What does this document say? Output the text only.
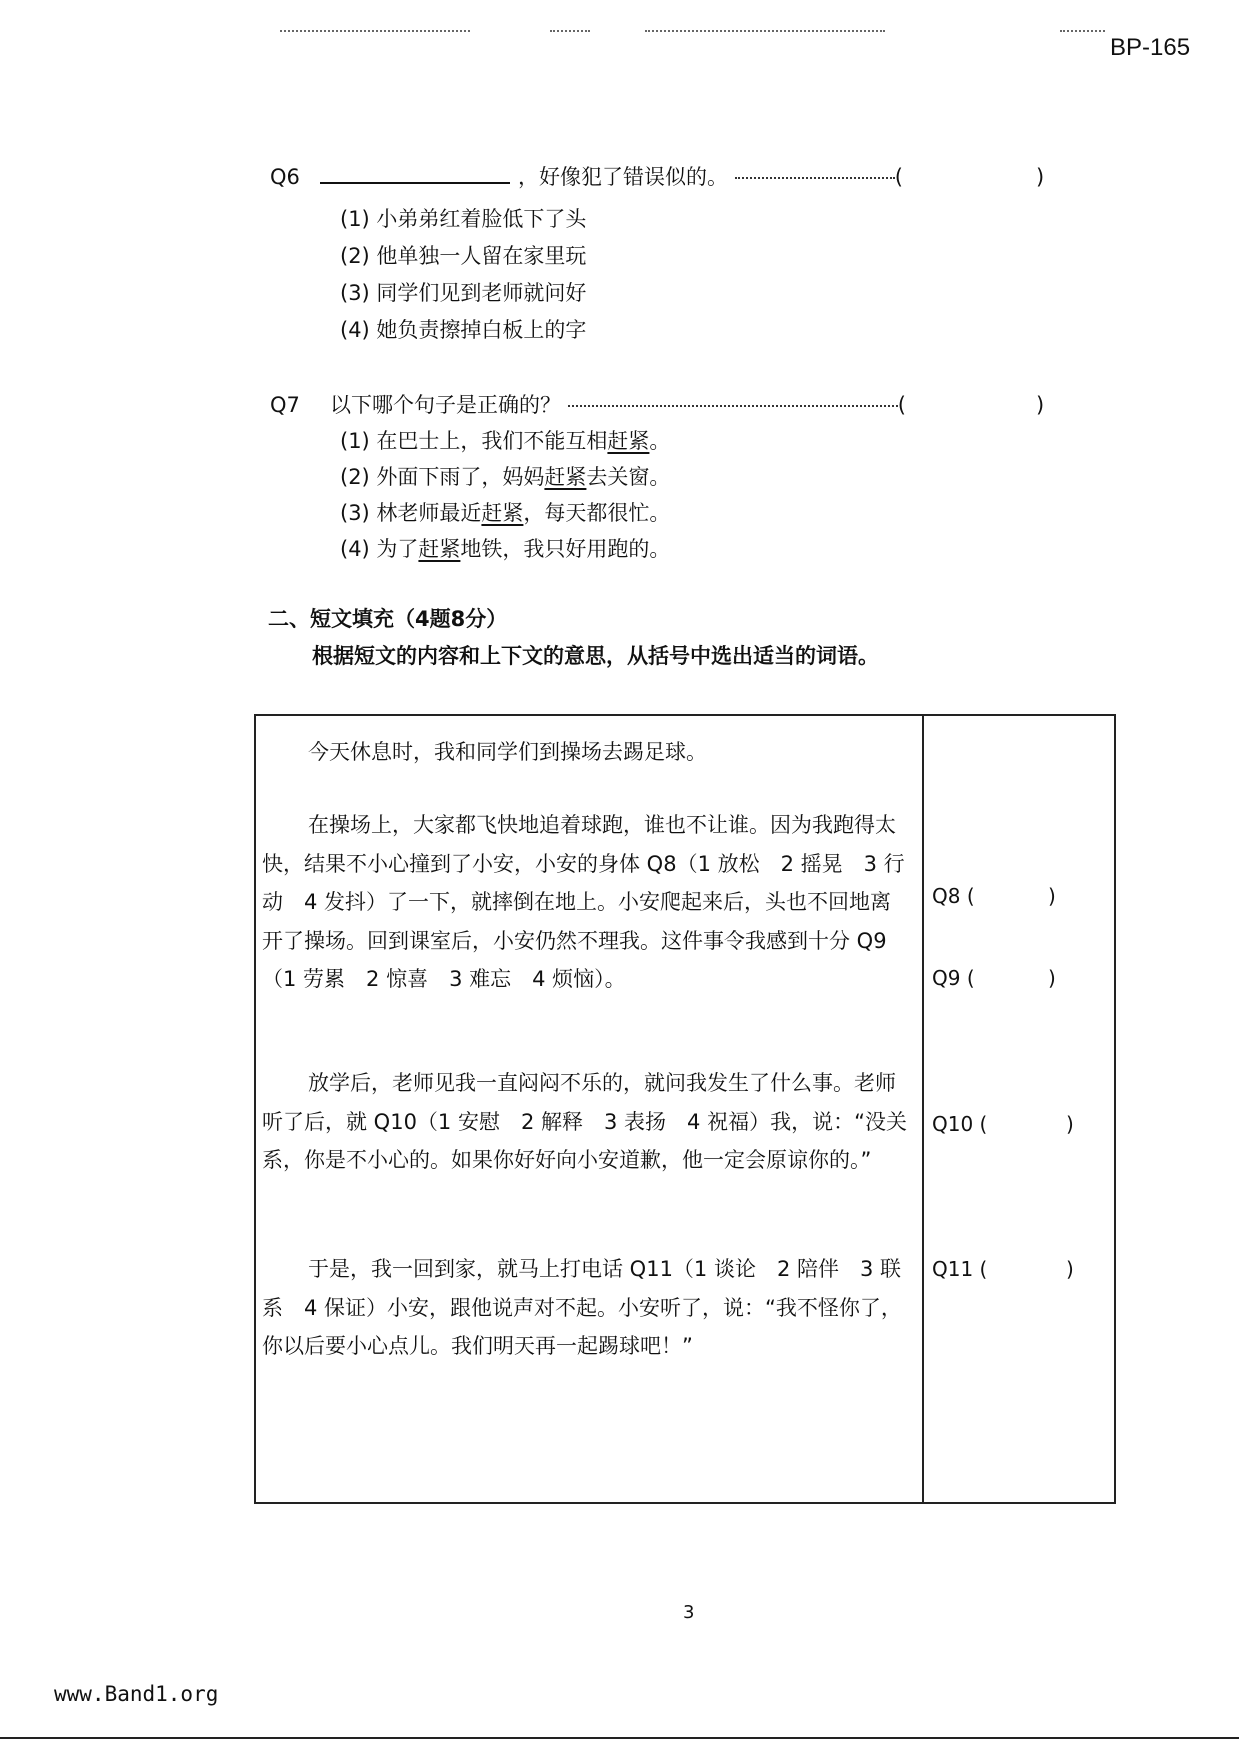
BP-165
Q6	，好像犯了错误似的。	(	)
(1) 小弟弟红着脸低下了头
(2) 他单独一人留在家里玩
(3) 同学们见到老师就问好
(4) 她负责擦掉白板上的字
Q7 以下哪个句子是正确的？	(	)
(1) 在巴士上，我们不能互相赶紧。
(2) 外面下雨了，妈妈赶紧去关窗。
(3) 林老师最近赶紧，每天都很忙。
(4) 为了赶紧地铁，我只好用跑的。
二、短文填充（4题8分）
根据短文的内容和上下文的意思，从括号中选出适当的词语。
今天休息时，我和同学们到操场去踢足球。
在操场上，大家都飞快地追着球跑，谁也不让谁。因为我跑得太快，结果不小心撞到了小安，小安的身体 Q8（1 放松　2 摇晃　3 行动　4 发抖）了一下，就摔倒在地上。小安爬起来后，头也不回地离开了操场。回到课室后，小安仍然不理我。这件事令我感到十分 Q9（1 劳累　2 惊喜　3 难忘　4 烦恼）。
放学后，老师见我一直闷闷不乐的，就问我发生了什么事。老师听了后，就 Q10（1 安慰　2 解释　3 表扬　4 祝福）我，说：“没关系，你是不小心的。如果你好好向小安道歉，他一定会原谅你的。”
于是，我一回到家，就马上打电话 Q11（1 谈论　2 陪伴　3 联系　4 保证）小安，跟他说声对不起。小安听了，说：“我不怪你了，你以后要小心点儿。我们明天再一起踢球吧！”
Q8 (	)
Q9 (	)
Q10 (	)
Q11 (	)
3
www.Band1.org
